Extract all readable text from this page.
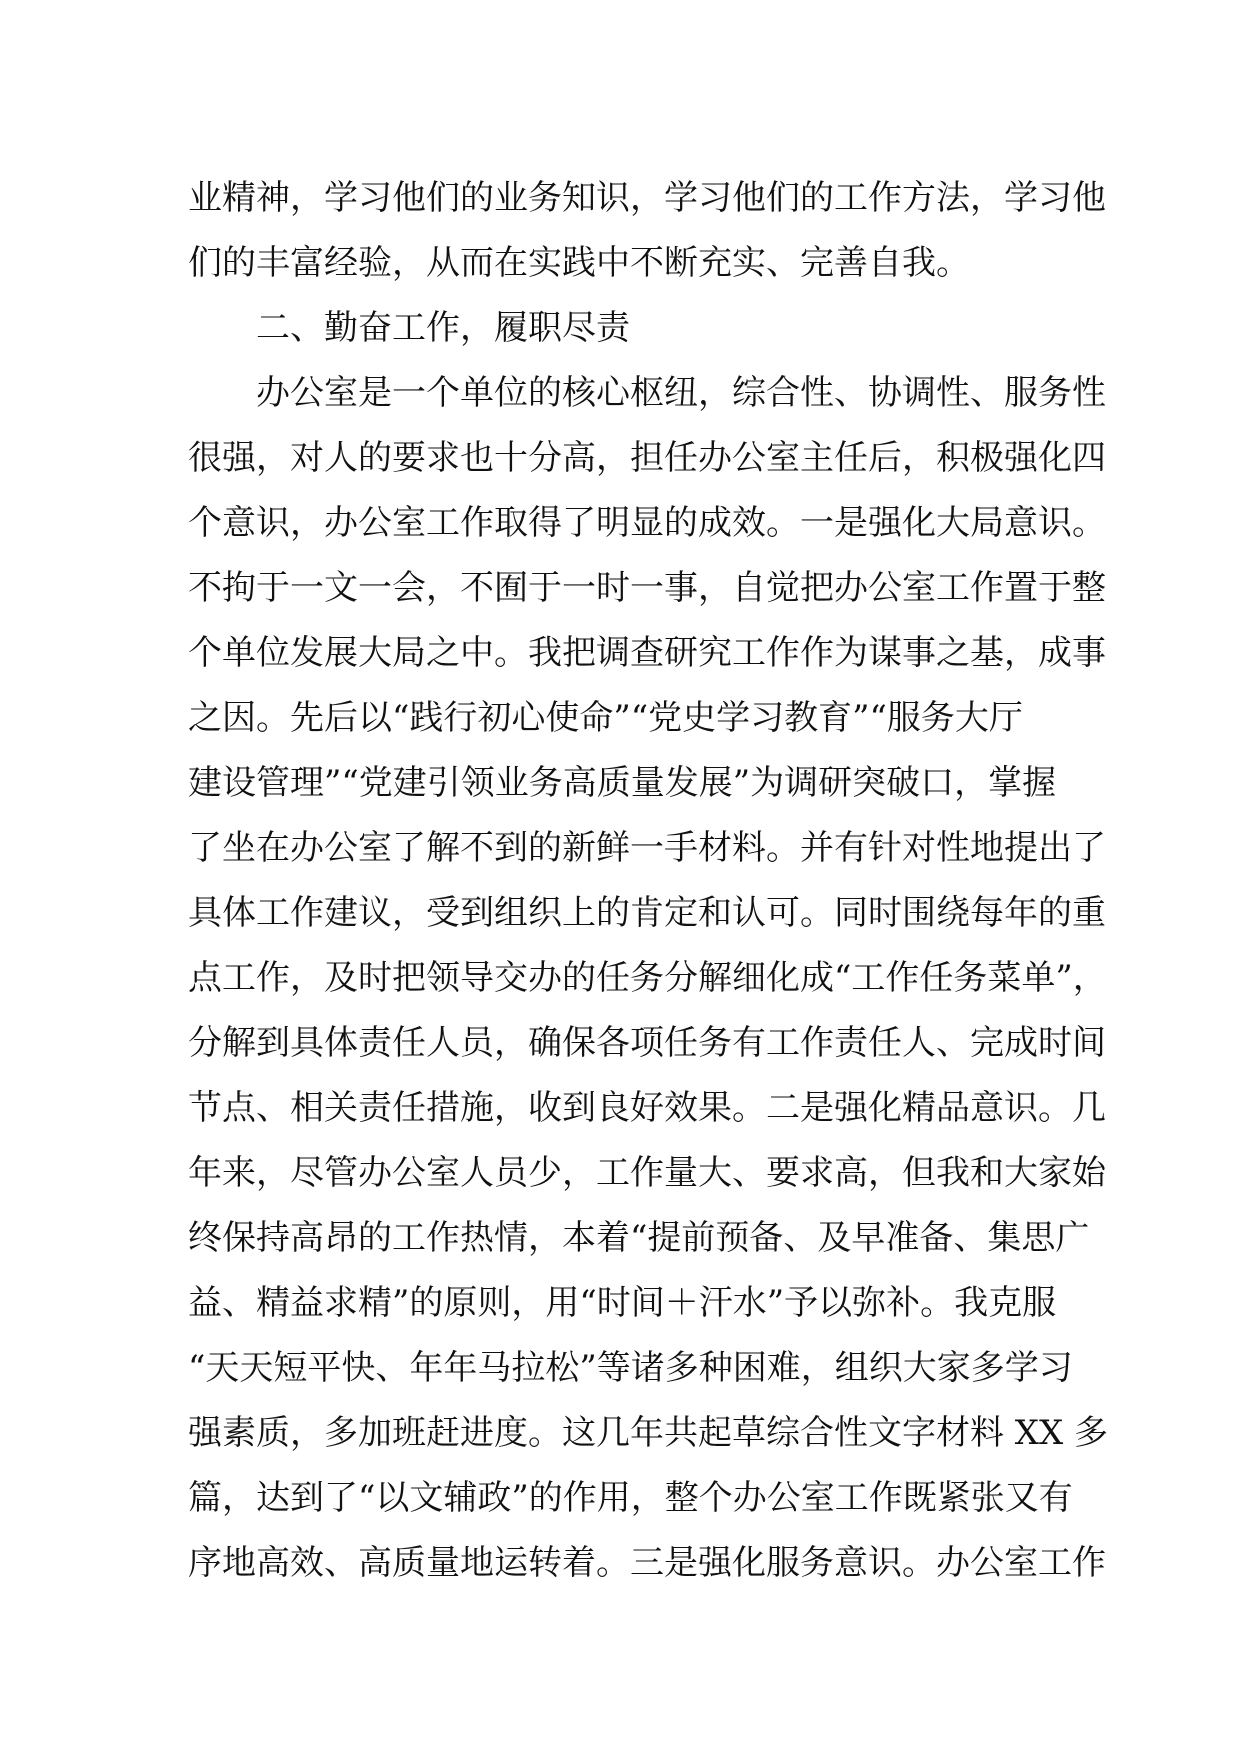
业精神，学习他们的业务知识，学习他们的工作方法，学习他

们的丰富经验，从而在实践中不断充实、完善自我。

二、勤奋工作，履职尽责

办公室是一个单位的核心枢纽，综合性、协调性、服务性

很强，对人的要求也十分高，担任办公室主任后，积极强化四

个意识，办公室工作取得了明显的成效。一是强化大局意识。

不拘于一文一会，不囿于一时一事，自觉把办公室工作置于整

个单位发展大局之中。我把调查研究工作作为谋事之基，成事

之因。先后以“践行初心使命”“党史学习教育”“服务大厅

建设管理”“党建引领业务高质量发展”为调研突破口，掌握

了坐在办公室了解不到的新鲜一手材料。并有针对性地提出了

具体工作建议，受到组织上的肯定和认可。同时围绕每年的重

点工作，及时把领导交办的任务分解细化成“工作任务菜单”，

分解到具体责任人员，确保各项任务有工作责任人、完成时间

节点、相关责任措施，收到良好效果。二是强化精品意识。几

年来，尽管办公室人员少，工作量大、要求高，但我和大家始

终保持高昂的工作热情，本着“提前预备、及早准备、集思广

益、精益求精”的原则，用“时间＋汗水”予以弥补。我克服

“天天短平快、年年马拉松”等诸多种困难，组织大家多学习

强素质，多加班赶进度。这几年共起草综合性文字材料 XX 多

篇，达到了“以文辅政”的作用，整个办公室工作既紧张又有

序地高效、高质量地运转着。三是强化服务意识。办公室工作
